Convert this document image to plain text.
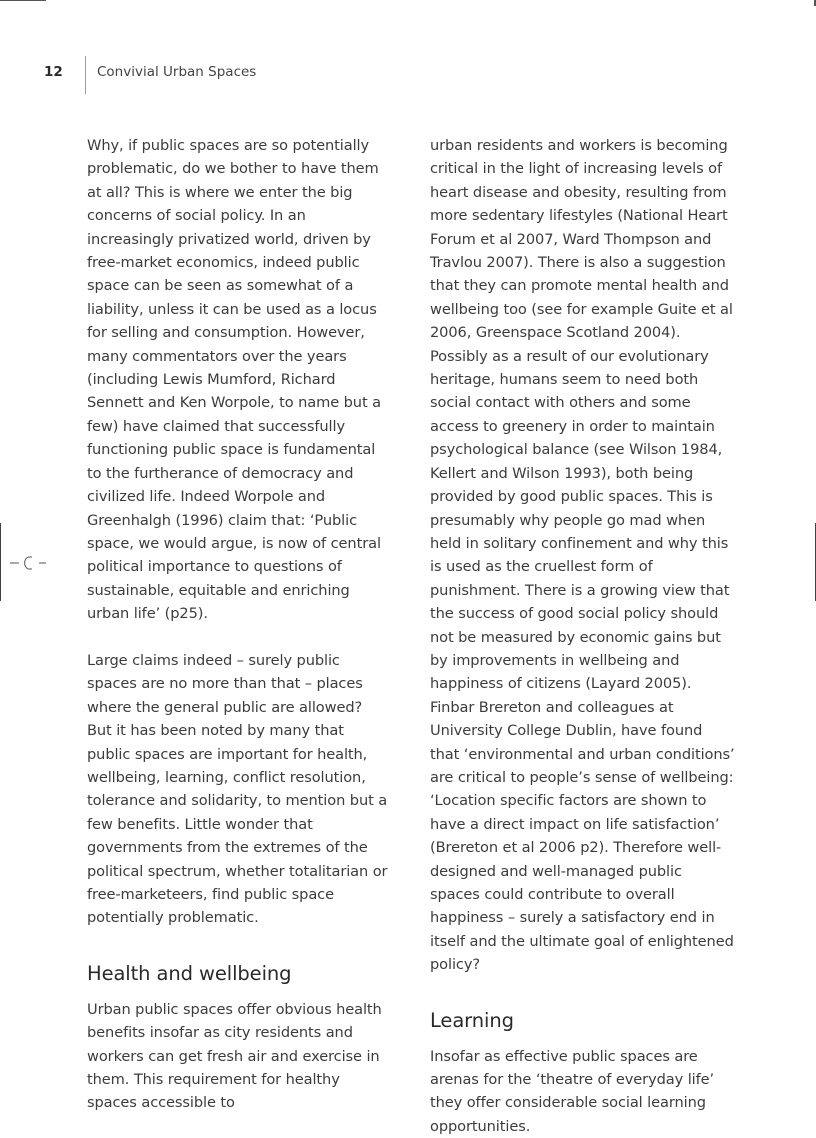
12	Convivial Urban Spaces

Why, if public spaces are so potentially problematic, do we bother to have them at all? This is where we enter the big concerns of social policy. In an increasingly privatized world, driven by free-market economics, indeed public space can be seen as somewhat of a liability, unless it can be used as a locus for selling and consumption. However, many commentators over the years (including Lewis Mumford, Richard Sennett and Ken Worpole, to name but a few) have claimed that successfully functioning public space is fundamental to the furtherance of democracy and civilized life. Indeed Worpole and Greenhalgh (1996) claim that: ‘Public space, we would argue, is now of central political importance to questions of sustainable, equitable and enriching urban life’ (p25).

Large claims indeed – surely public spaces are no more than that – places where the general public are allowed? But it has been noted by many that public spaces are important for health, wellbeing, learning, conflict resolution, tolerance and solidarity, to mention but a few benefits. Little wonder that governments from the extremes of the political spectrum, whether totalitarian or free-marketeers, find public space potentially problematic.

Health and wellbeing

Urban public spaces offer obvious health benefits insofar as city residents and workers can get fresh air and exercise in them. This requirement for healthy spaces accessible to

urban residents and workers is becoming critical in the light of increasing levels of heart disease and obesity, resulting from more sedentary lifestyles (National Heart Forum et al 2007, Ward Thompson and Travlou 2007). There is also a suggestion that they can promote mental health and wellbeing too (see for example Guite et al 2006, Greenspace Scotland 2004). Possibly as a result of our evolutionary heritage, humans seem to need both social contact with others and some access to greenery in order to maintain psychological balance (see Wilson 1984, Kellert and Wilson 1993), both being provided by good public spaces. This is presumably why people go mad when held in solitary confinement and why this is used as the cruellest form of punishment. There is a growing view that the success of good social policy should not be measured by economic gains but by improvements in wellbeing and happiness of citizens (Layard 2005). Finbar Brereton and colleagues at University College Dublin, have found that ‘environmental and urban conditions’ are critical to people’s sense of wellbeing: ‘Location specific factors are shown to have a direct impact on life satisfaction’ (Brereton et al 2006 p2). Therefore well-designed and well-managed public spaces could contribute to overall happiness – surely a satisfactory end in itself and the ultimate goal of enlightened policy?

Learning

Insofar as effective public spaces are arenas for the ‘theatre of everyday life’ they offer considerable social learning opportunities.
